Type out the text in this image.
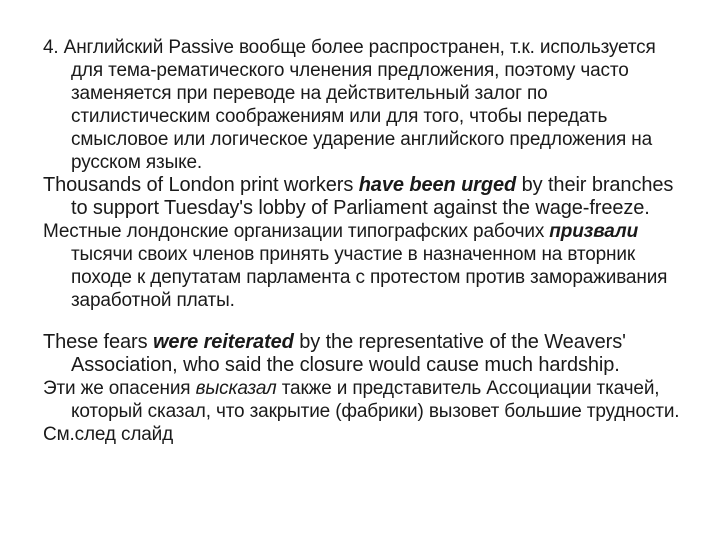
4. Английский Passive вообще более распространен, т.к. используется для тема-рематического членения предложения, поэтому часто заменяется при переводе на действительный залог по стилистическим соображениям или для того, чтобы передать смысловое или логическое ударение английского предложения на русском языке.

Thousands of London print workers have been urged by their branches to support Tuesday's lobby of Parliament against the wage-freeze.

Местные лондонские организации типографских рабочих призвали тысячи своих членов принять участие в назначенном на вторник походе к депутатам парламента с протестом против замораживания заработной платы.

These fears were reiterated by the representative of the Weavers' Association, who said the closure would cause much hardship.

Эти же опасения высказал также и представитель Ассоциации ткачей, который сказал, что закрытие (фабрики) вызовет большие трудности.

См.след слайд
